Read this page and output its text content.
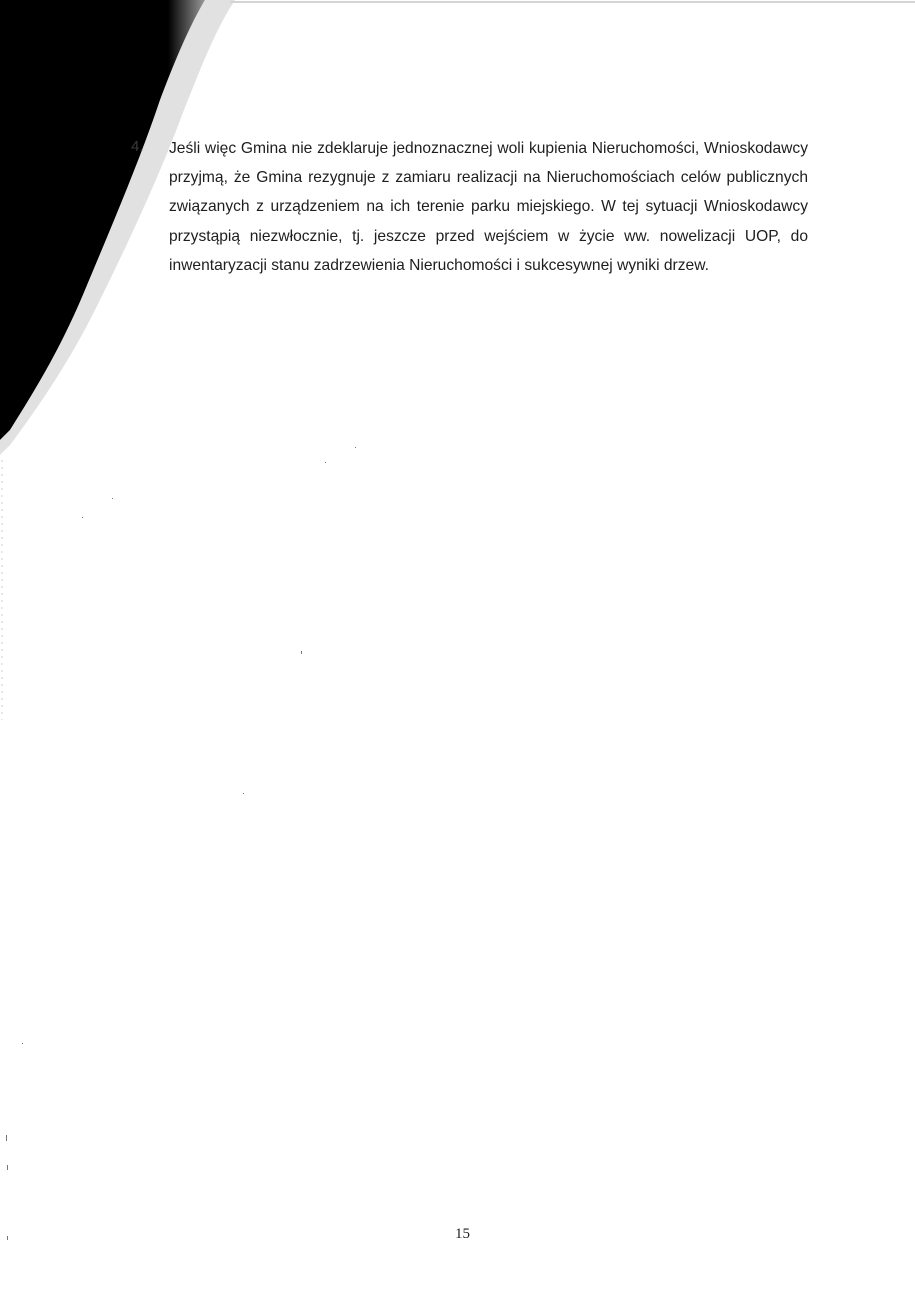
4. Jeśli więc Gmina nie zdeklaruje jednoznacznej woli kupienia Nieruchomości, Wnioskodawcy przyjmą, że Gmina rezygnuje z zamiaru realizacji na Nieruchomościach celów publicznych związanych z urządzeniem na ich terenie parku miejskiego. W tej sytuacji Wnioskodawcy przystąpią niezwłocznie, tj. jeszcze przed wejściem w życie ww. nowelizacji UOP, do inwentaryzacji stanu zadrzewienia Nieruchomości i sukcesywnej wyniki drzew.

15
